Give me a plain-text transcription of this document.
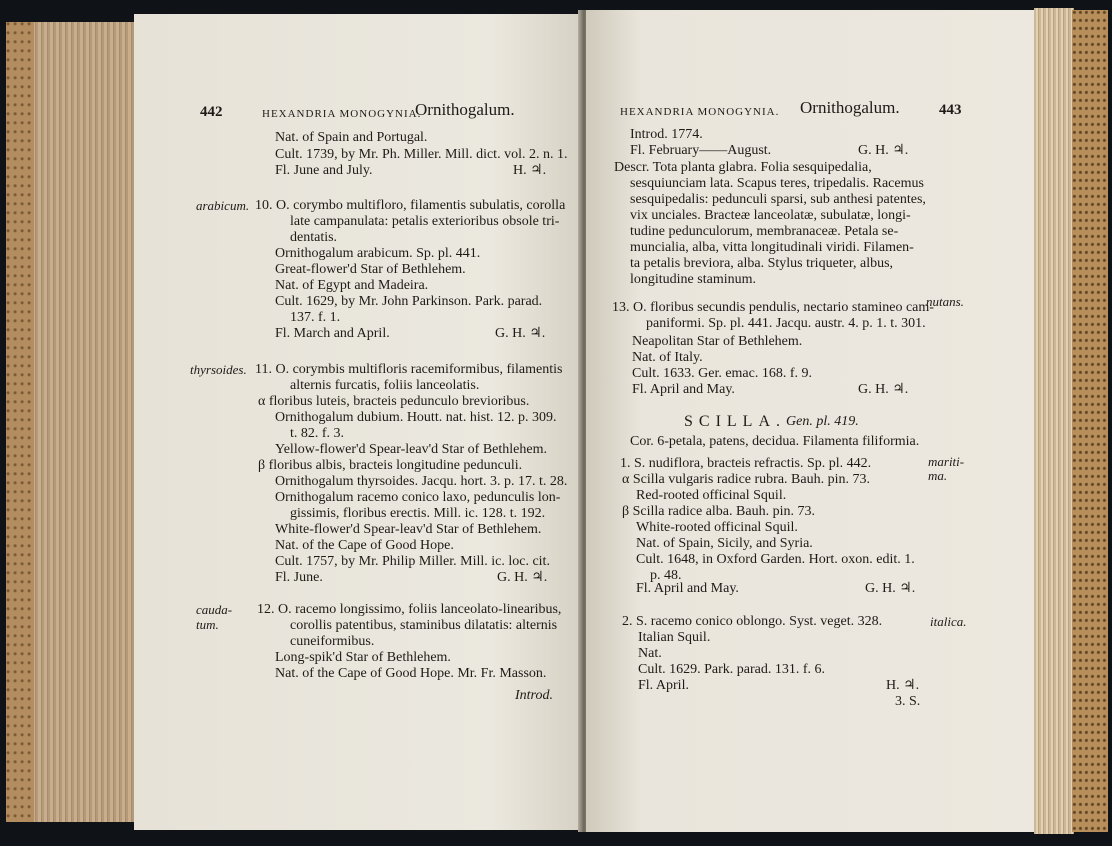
442	HEXANDRIA MONOGYNIA.
Ornithogalum.
Nat. of Spain and Portugal.
Cult. 1739, by Mr. Ph. Miller. Mill. dict. vol. 2. n. 1.
Fl. June and July.	H. ♃.
arabicum. 10. O. corymbo multifloro, filamentis subulatis, corolla
late campanulata: petalis exterioribus obsole tri-
dentatis.
Ornithogalum arabicum. Sp. pl. 441.
Great-flower'd Star of Bethlehem.
Nat. of Egypt and Madeira.
Cult. 1629, by Mr. John Parkinson. Park. parad.
137. f. 1.
Fl. March and April.	G. H. ♃.
thyrsoides. 11. O. corymbis multifloris racemiformibus, filamentis
alternis furcatis, foliis lanceolatis.
α floribus luteis, bracteis pedunculo brevioribus.
Ornithogalum dubium. Houtt. nat. hist. 12. p. 309.
t. 82. f. 3.
Yellow-flower'd Spear-leav'd Star of Bethlehem.
β floribus albis, bracteis longitudine pedunculi.
Ornithogalum thyrsoides. Jacqu. hort. 3. p. 17. t. 28.
Ornithogalum racemo conico laxo, pedunculis lon-
gissimis, floribus erectis. Mill. ic. 128. t. 192.
White-flower'd Spear-leav'd Star of Bethlehem.
Nat. of the Cape of Good Hope.
Cult. 1757, by Mr. Philip Miller. Mill. ic. loc. cit.
Fl. June.	G. H. ♃.
cauda-
tum.
12. O. racemo longissimo, foliis lanceolato-linearibus,
corollis patentibus, staminibus dilatatis: alternis
cuneiformibus.
Long-spik'd Star of Bethlehem.
Nat. of the Cape of Good Hope. Mr. Fr. Masson.
Introd.
HEXANDRIA MONOGYNIA. Ornithogalum.	443
Introd. 1774.
Fl. February——August.	G. H. ♃.
Descr. Tota planta glabra. Folia sesquipedalia,
sesquiunciam lata. Scapus teres, tripedalis. Racemus
sesquipedalis: pedunculi sparsi, sub anthesi patentes,
vix unciales. Bracteæ lanceolatæ, subulatæ, longi-
tudine pedunculorum, membranaceæ. Petala se-
muncialia, alba, vitta longitudinali viridi. Filamen-
ta petalis breviora, alba. Stylus triqueter, albus,
longitudine staminum.
13. O. floribus secundis pendulis, nectario stamineo cam-
nutans.
paniformi. Sp. pl. 441. Jacqu. austr. 4. p. 1. t. 301.
Neapolitan Star of Bethlehem.
Nat. of Italy.
Cult. 1633. Ger. emac. 168. f. 9.
Fl. April and May.	G. H. ♃.
SCILLA. Gen. pl. 419.
Cor. 6-petala, patens, decidua. Filamenta filiformia.
1. S. nudiflora, bracteis refractis. Sp. pl. 442.	mariti-
ma.
α Scilla vulgaris radice rubra. Bauh. pin. 73.
Red-rooted officinal Squil.
β Scilla radice alba. Bauh. pin. 73.
White-rooted officinal Squil.
Nat. of Spain, Sicily, and Syria.
Cult. 1648, in Oxford Garden. Hort. oxon. edit. 1.
p. 48.
Fl. April and May.	G. H. ♃.
2. S. racemo conico oblongo. Syst. veget. 328.	italica.
Italian Squil.
Nat.
Cult. 1629. Park. parad. 131. f. 6.
Fl. April.	H. ♃.
3. S.
